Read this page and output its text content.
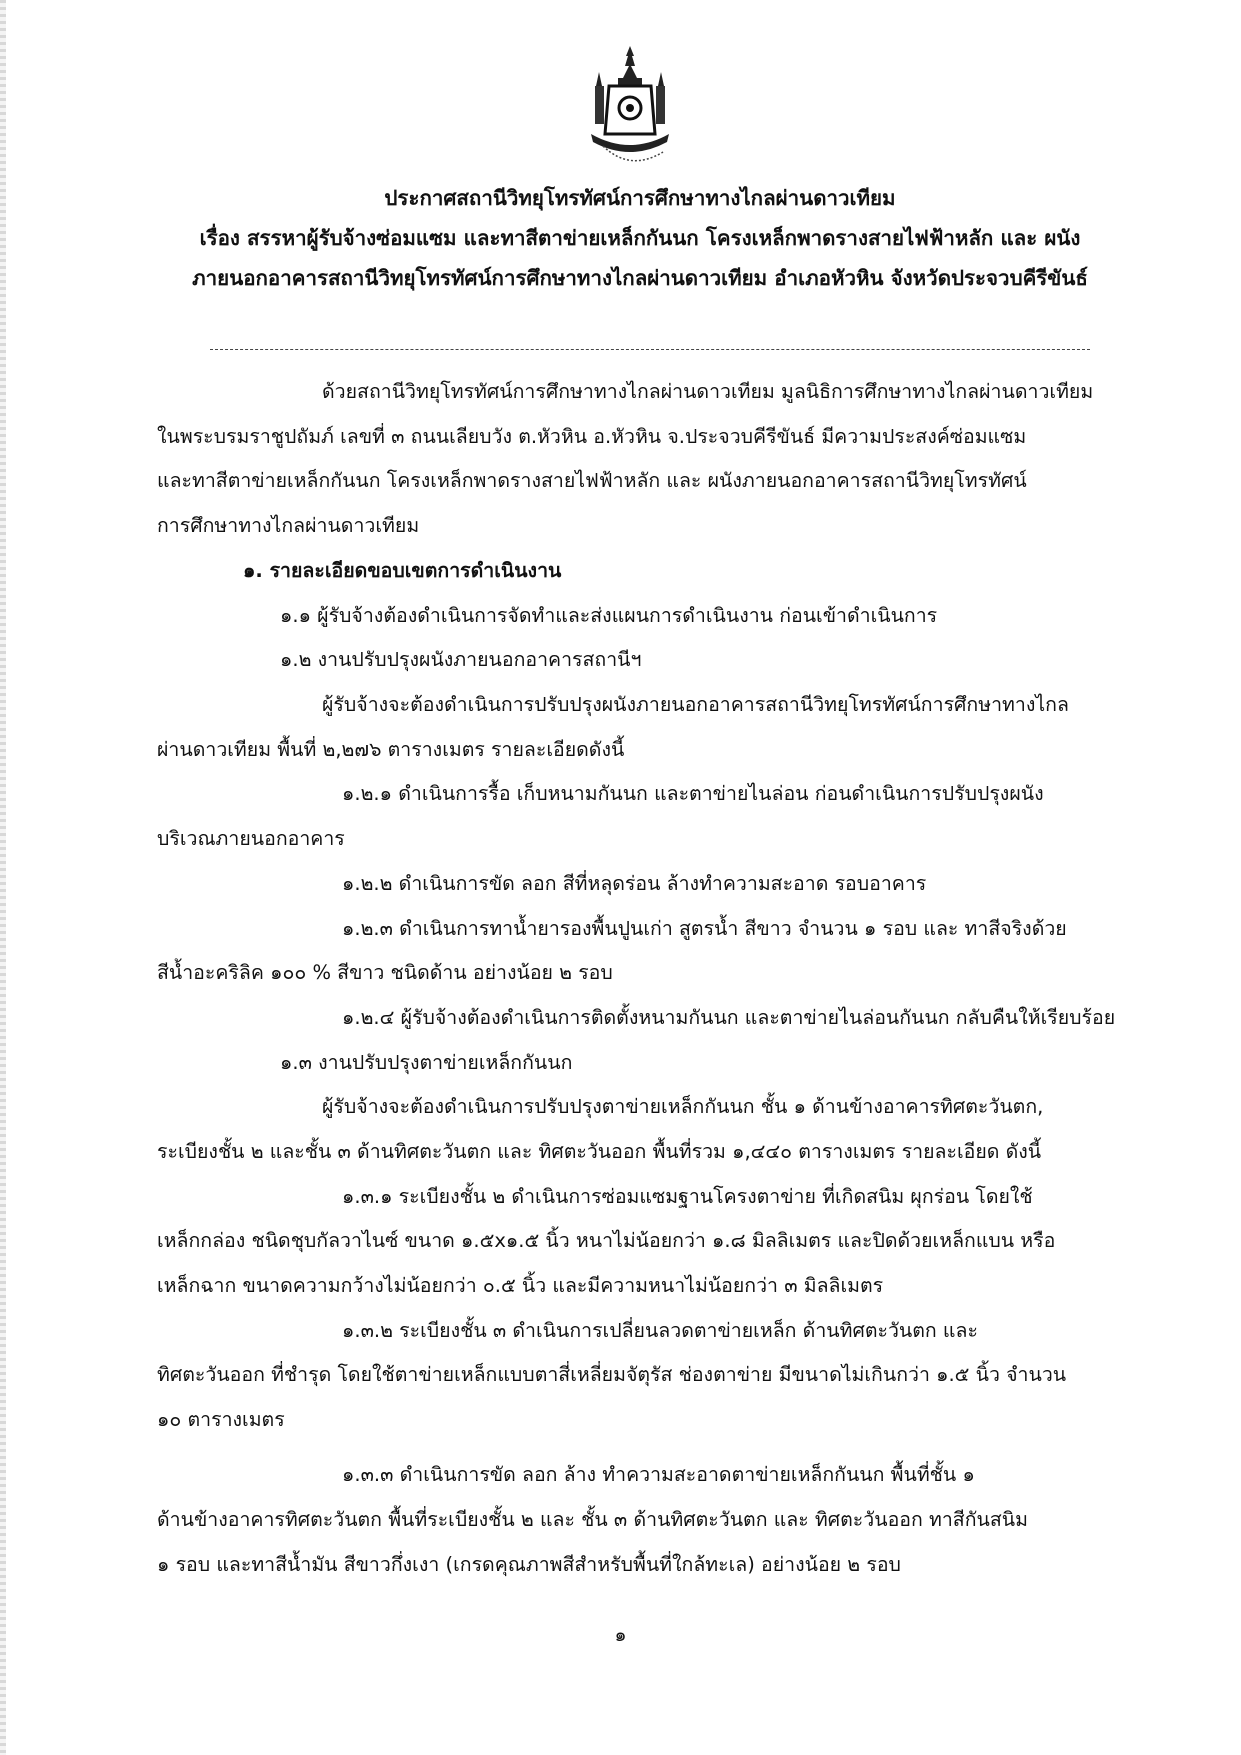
ประกาศสถานีวิทยุโทรทัศน์การศึกษาทางไกลผ่านดาวเทียม
เรื่อง สรรหาผู้รับจ้างซ่อมแซม และทาสีตาข่ายเหล็กกันนก โครงเหล็กพาดรางสายไฟฟ้าหลัก และ ผนัง
ภายนอกอาคารสถานีวิทยุโทรทัศน์การศึกษาทางไกลผ่านดาวเทียม อำเภอหัวหิน จังหวัดประจวบคีรีขันธ์
ด้วยสถานีวิทยุโทรทัศน์การศึกษาทางไกลผ่านดาวเทียม มูลนิธิการศึกษาทางไกลผ่านดาวเทียม
ในพระบรมราชูปถัมภ์ เลขที่ ๓ ถนนเลียบวัง ต.หัวหิน อ.หัวหิน จ.ประจวบคีรีขันธ์ มีความประสงค์ซ่อมแซม
และทาสีตาข่ายเหล็กกันนก โครงเหล็กพาดรางสายไฟฟ้าหลัก และ ผนังภายนอกอาคารสถานีวิทยุโทรทัศน์
การศึกษาทางไกลผ่านดาวเทียม
๑. รายละเอียดขอบเขตการดำเนินงาน
๑.๑ ผู้รับจ้างต้องดำเนินการจัดทำและส่งแผนการดำเนินงาน ก่อนเข้าดำเนินการ
๑.๒ งานปรับปรุงผนังภายนอกอาคารสถานีฯ
ผู้รับจ้างจะต้องดำเนินการปรับปรุงผนังภายนอกอาคารสถานีวิทยุโทรทัศน์การศึกษาทางไกล
ผ่านดาวเทียม พื้นที่ ๒,๒๗๖ ตารางเมตร รายละเอียดดังนี้
๑.๒.๑ ดำเนินการรื้อ เก็บหนามกันนก และตาข่ายไนล่อน ก่อนดำเนินการปรับปรุงผนัง
บริเวณภายนอกอาคาร
๑.๒.๒ ดำเนินการขัด ลอก สีที่หลุดร่อน ล้างทำความสะอาด รอบอาคาร
๑.๒.๓ ดำเนินการทาน้ำยารองพื้นปูนเก่า สูตรน้ำ สีขาว จำนวน ๑ รอบ และ ทาสีจริงด้วย
สีน้ำอะคริลิค ๑๐๐ % สีขาว ชนิดด้าน อย่างน้อย ๒ รอบ
๑.๒.๔ ผู้รับจ้างต้องดำเนินการติดตั้งหนามกันนก และตาข่ายไนล่อนกันนก กลับคืนให้เรียบร้อย
๑.๓ งานปรับปรุงตาข่ายเหล็กกันนก
ผู้รับจ้างจะต้องดำเนินการปรับปรุงตาข่ายเหล็กกันนก ชั้น ๑ ด้านข้างอาคารทิศตะวันตก,
ระเบียงชั้น ๒ และชั้น ๓ ด้านทิศตะวันตก และ ทิศตะวันออก พื้นที่รวม ๑,๔๔๐ ตารางเมตร รายละเอียด ดังนี้
๑.๓.๑ ระเบียงชั้น ๒ ดำเนินการซ่อมแซมฐานโครงตาข่าย ที่เกิดสนิม ผุกร่อน โดยใช้
เหล็กกล่อง ชนิดชุบกัลวาไนซ์ ขนาด ๑.๕x๑.๕ นิ้ว หนาไม่น้อยกว่า ๑.๘ มิลลิเมตร และปิดด้วยเหล็กแบน หรือ
เหล็กฉาก ขนาดความกว้างไม่น้อยกว่า ๐.๕ นิ้ว และมีความหนาไม่น้อยกว่า ๓ มิลลิเมตร
๑.๓.๒ ระเบียงชั้น ๓ ดำเนินการเปลี่ยนลวดตาข่ายเหล็ก ด้านทิศตะวันตก และ
ทิศตะวันออก ที่ชำรุด โดยใช้ตาข่ายเหล็กแบบตาสี่เหลี่ยมจัตุรัส ช่องตาข่าย มีขนาดไม่เกินกว่า ๑.๕ นิ้ว จำนวน
๑๐ ตารางเมตร
๑.๓.๓ ดำเนินการขัด ลอก ล้าง ทำความสะอาดตาข่ายเหล็กกันนก พื้นที่ชั้น ๑
ด้านข้างอาคารทิศตะวันตก พื้นที่ระเบียงชั้น ๒ และ ชั้น ๓ ด้านทิศตะวันตก และ ทิศตะวันออก ทาสีกันสนิม
๑ รอบ และทาสีน้ำมัน สีขาวกึ่งเงา (เกรดคุณภาพสีสำหรับพื้นที่ใกล้ทะเล) อย่างน้อย ๒ รอบ
๑
